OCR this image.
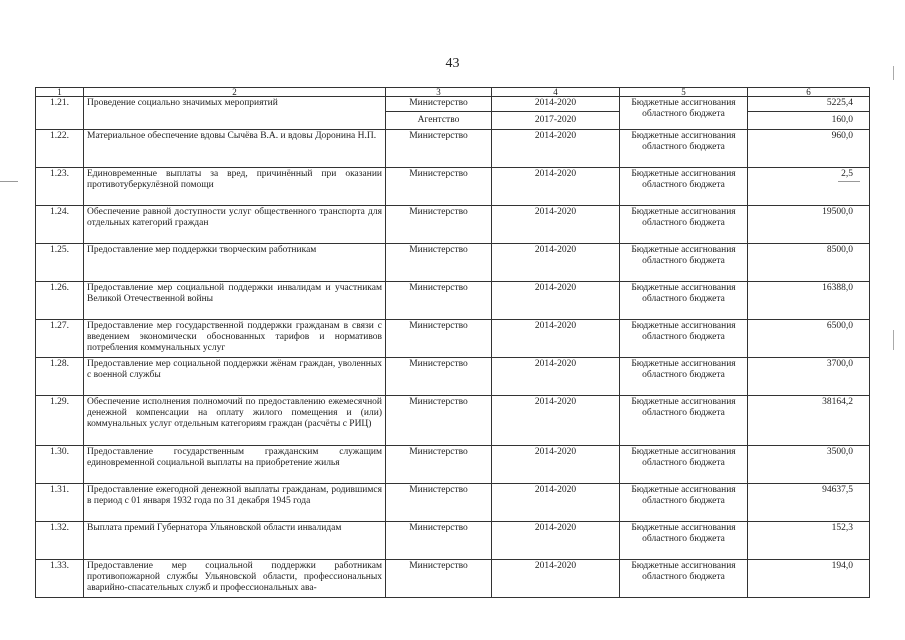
43
1	2	3	4	5	6
1.21.	Проведение социально значимых мероприятий	Министерство	2014-2020	Бюджетные ассигнования областного бюджета	5225,4
		Агентство	2017-2020		160,0
1.22.	Материальное обеспечение вдовы Сычёва В.А. и вдовы Доронина Н.П.	Министерство	2014-2020	Бюджетные ассигнования областного бюджета	960,0
1.23.	Единовременные выплаты за вред, причинённый при оказании противотуберкулёзной помощи	Министерство	2014-2020	Бюджетные ассигнования областного бюджета	2,5
1.24.	Обеспечение равной доступности услуг общественного транспорта для отдельных категорий граждан	Министерство	2014-2020	Бюджетные ассигнования областного бюджета	19500,0
1.25.	Предоставление мер поддержки творческим работникам	Министерство	2014-2020	Бюджетные ассигнования областного бюджета	8500,0
1.26.	Предоставление мер социальной поддержки инвалидам и участникам Великой Отечественной войны	Министерство	2014-2020	Бюджетные ассигнования областного бюджета	16388,0
1.27.	Предоставление мер государственной поддержки гражданам в связи с введением экономически обоснованных тарифов и нормативов потребления коммунальных услуг	Министерство	2014-2020	Бюджетные ассигнования областного бюджета	6500,0
1.28.	Предоставление мер социальной поддержки жёнам граждан, уволенных с военной службы	Министерство	2014-2020	Бюджетные ассигнования областного бюджета	3700,0
1.29.	Обеспечение исполнения полномочий по предоставлению ежемесячной денежной компенсации на оплату жилого помещения и (или) коммунальных услуг отдельным категориям граждан (расчёты с РИЦ)	Министерство	2014-2020	Бюджетные ассигнования областного бюджета	38164,2
1.30.	Предоставление государственным гражданским служащим единовременной социальной выплаты на приобретение жилья	Министерство	2014-2020	Бюджетные ассигнования областного бюджета	3500,0
1.31.	Предоставление ежегодной денежной выплаты гражданам, родившимся в период с 01 января 1932 года по 31 декабря 1945 года	Министерство	2014-2020	Бюджетные ассигнования областного бюджета	94637,5
1.32.	Выплата премий Губернатора Ульяновской области инвалидам	Министерство	2014-2020	Бюджетные ассигнования областного бюджета	152,3
1.33.	Предоставление мер социальной поддержки работникам противопожарной службы Ульяновской области, профессиональных аварийно-спасательных служб и профессиональных ава-	Министерство	2014-2020	Бюджетные ассигнования областного бюджета	194,0
